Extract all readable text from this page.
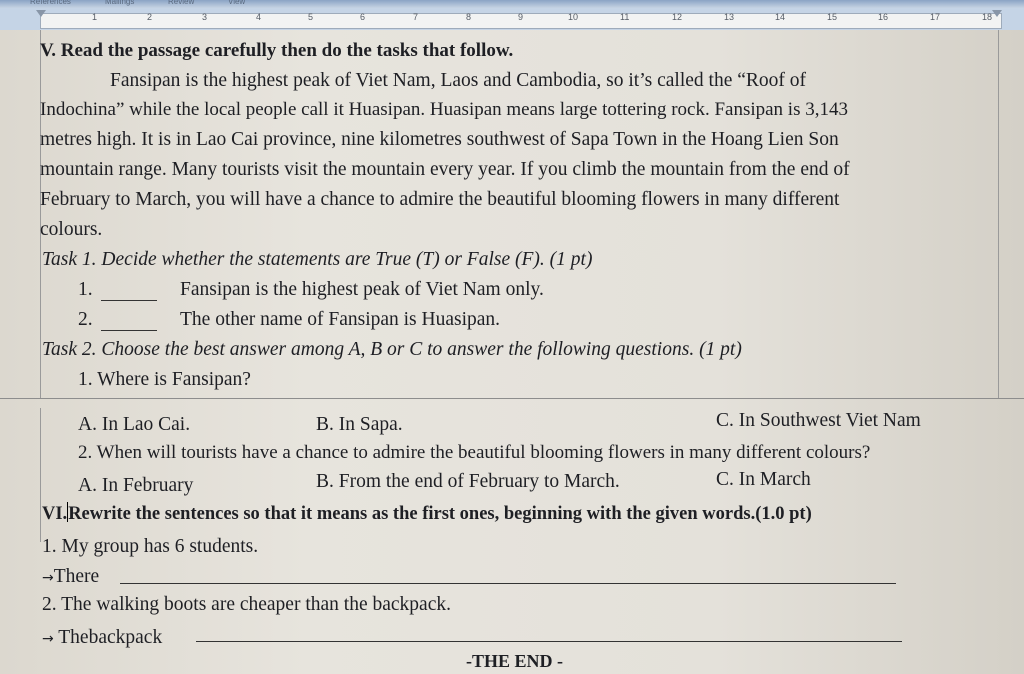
References	Mailings	Review	View
1	2	3	4	5	6	7	8	9	10	11	12	13	14	15	16	17	18
V. Read the passage carefully then do the tasks that follow.
Fansipan is the highest peak of Viet Nam, Laos and Cambodia, so it’s called the “Roof of
Indochina” while the local people call it Huasipan. Huasipan means large tottering rock. Fansipan is 3,143
metres high. It is in Lao Cai province, nine kilometres southwest of Sapa Town in the Hoang Lien Son
mountain range. Many tourists visit the mountain every year. If you climb the mountain from the end of
February to March, you will have a chance to admire the beautiful blooming flowers in many different
colours.
Task 1. Decide whether the statements are True (T) or False (F). (1 pt)
1.	Fansipan is the highest peak of Viet Nam only.
2.	The other name of Fansipan is Huasipan.
Task 2. Choose the best answer among A, B or C to answer the following questions. (1 pt)
1. Where is Fansipan?
A. In Lao Cai.	B. In Sapa.	C. In Southwest Viet Nam
2. When will tourists have a chance to admire the beautiful blooming flowers in many different colours?
A. In February	B. From the end of February to March.	C. In March
VI.Rewrite the sentences so that it means as the first ones, beginning with the given words.(1.0 pt)
1. My group has 6 students.
→There
2. The walking boots are cheaper than the backpack.
→ Thebackpack
-THE END -
